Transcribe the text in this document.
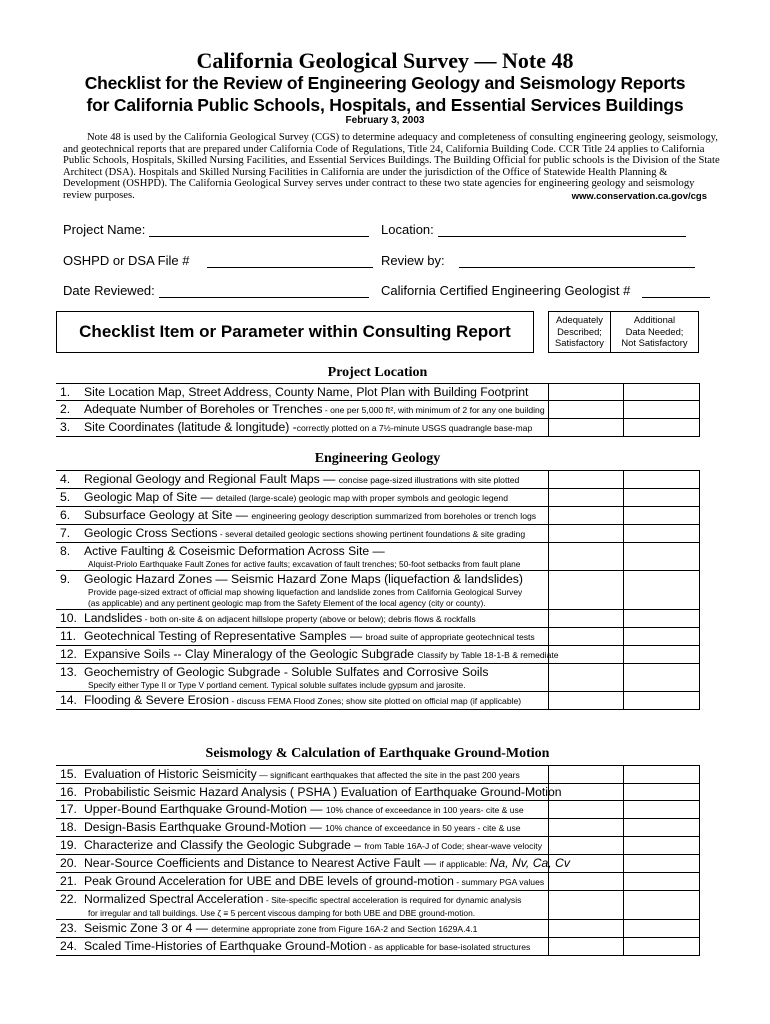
California Geological Survey — Note 48
Checklist for the Review of Engineering Geology and Seismology Reports
for California Public Schools, Hospitals, and Essential Services Buildings
February 3, 2003

Note 48 is used by the California Geological Survey (CGS) to determine adequacy and completeness of consulting engineering geology, seismology, and geotechnical reports that are prepared under California Code of Regulations, Title 24, California Building Code. CCR Title 24 applies to California Public Schools, Hospitals, Skilled Nursing Facilities, and Essential Services Buildings. The Building Official for public schools is the Division of the State Architect (DSA). Hospitals and Skilled Nursing Facilities in California are under the jurisdiction of the Office of Statewide Health Planning & Development (OSHPD). The California Geological Survey serves under contract to these two state agencies for engineering geology and seismology review purposes.	www.conservation.ca.gov/cgs
Project Name:	Location:
OSHPD or DSA File #	Review by:
Date Reviewed:	California Certified Engineering Geologist #
Checklist Item or Parameter within Consulting Report
Adequately
Described;
Satisfactory
Additional
Data Needed;
Not Satisfactory
Project Location
1. Site Location Map, Street Address, County Name, Plot Plan with Building Footprint
2. Adequate Number of Boreholes or Trenches - one per 5,000 ft², with minimum of 2 for any one building
3. Site Coordinates (latitude & longitude) -correctly plotted on a 7½-minute USGS quadrangle base-map
Engineering Geology
4. Regional Geology and Regional Fault Maps — concise page-sized illustrations with site plotted
5. Geologic Map of Site — detailed (large-scale) geologic map with proper symbols and geologic legend
6. Subsurface Geology at Site — engineering geology description summarized from boreholes or trench logs
7. Geologic Cross Sections - several detailed geologic sections showing pertinent foundations & site grading
8. Active Faulting & Coseismic Deformation Across Site —
Alquist-Priolo Earthquake Fault Zones for active faults; excavation of fault trenches; 50-foot setbacks from fault plane
9. Geologic Hazard Zones — Seismic Hazard Zone Maps (liquefaction & landslides)
Provide page-sized extract of official map showing liquefaction and landslide zones from California Geological Survey
(as applicable) and any pertinent geologic map from the Safety Element of the local agency (city or county).
10. Landslides - both on-site & on adjacent hillslope property (above or below); debris flows & rockfalls
11. Geotechnical Testing of Representative Samples — broad suite of appropriate geotechnical tests
12. Expansive Soils -- Clay Mineralogy of the Geologic Subgrade Classify by Table 18-1-B & remediate
13. Geochemistry of Geologic Subgrade - Soluble Sulfates and Corrosive Soils
Specify either Type II or Type V portland cement. Typical soluble sulfates include gypsum and jarosite.
14. Flooding & Severe Erosion - discuss FEMA Flood Zones; show site plotted on official map (if applicable)
Seismology & Calculation of Earthquake Ground-Motion
15. Evaluation of Historic Seismicity — significant earthquakes that affected the site in the past 200 years
16. Probabilistic Seismic Hazard Analysis ( PSHA ) Evaluation of Earthquake Ground-Motion
17. Upper-Bound Earthquake Ground-Motion — 10% chance of exceedance in 100 years- cite & use
18. Design-Basis Earthquake Ground-Motion — 10% chance of exceedance in 50 years - cite & use
19. Characterize and Classify the Geologic Subgrade – from Table 16A-J of Code; shear-wave velocity
20. Near-Source Coefficients and Distance to Nearest Active Fault — if applicable: Na, Nv, Ca, Cv
21. Peak Ground Acceleration for UBE and DBE levels of ground-motion - summary PGA values
22. Normalized Spectral Acceleration - Site-specific spectral acceleration is required for dynamic analysis
for irregular and tall buildings. Use ζ ≡ 5 percent viscous damping for both UBE and DBE ground-motion.
23. Seismic Zone 3 or 4 — determine appropriate zone from Figure 16A-2 and Section 1629A.4.1
24. Scaled Time-Histories of Earthquake Ground-Motion - as applicable for base-isolated structures
